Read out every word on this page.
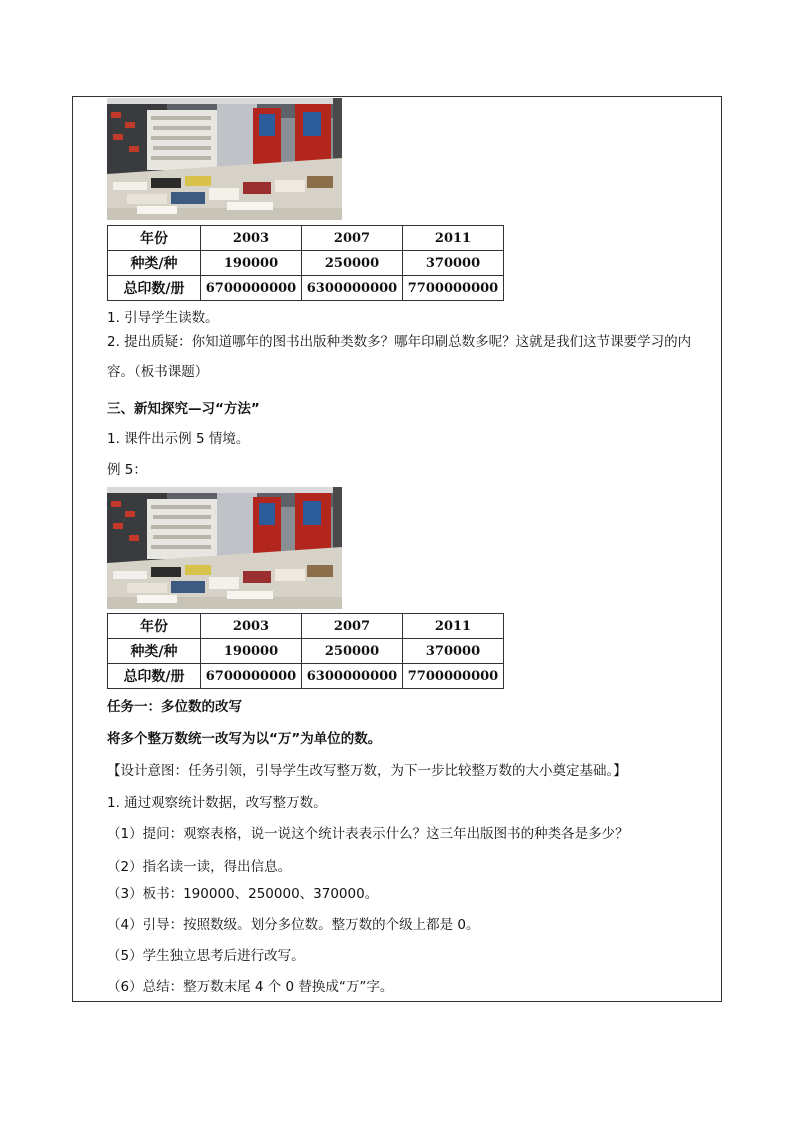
年份	2003	2007	2011
种类/种	190000	250000	370000
总印数/册	6700000000	6300000000	7700000000
1. 引导学生读数。
2. 提出质疑：你知道哪年的图书出版种类数多？哪年印刷总数多呢？这就是我们这节课要学习的内容。（板书课题）
三、新知探究—习“方法”
1. 课件出示例 5 情境。
例 5：
年份	2003	2007	2011
种类/种	190000	250000	370000
总印数/册	6700000000	6300000000	7700000000
任务一：多位数的改写
将多个整万数统一改写为以“万”为单位的数。
【设计意图：任务引领，引导学生改写整万数，为下一步比较整万数的大小奠定基础。】
1. 通过观察统计数据，改写整万数。
（1）提问：观察表格，说一说这个统计表表示什么？这三年出版图书的种类各是多少？
（2）指名读一读，得出信息。
（3）板书：190000、250000、370000。
（4）引导：按照数级。划分多位数。整万数的个级上都是 0。
（5）学生独立思考后进行改写。
（6）总结：整万数末尾 4 个 0 替换成“万”字。
